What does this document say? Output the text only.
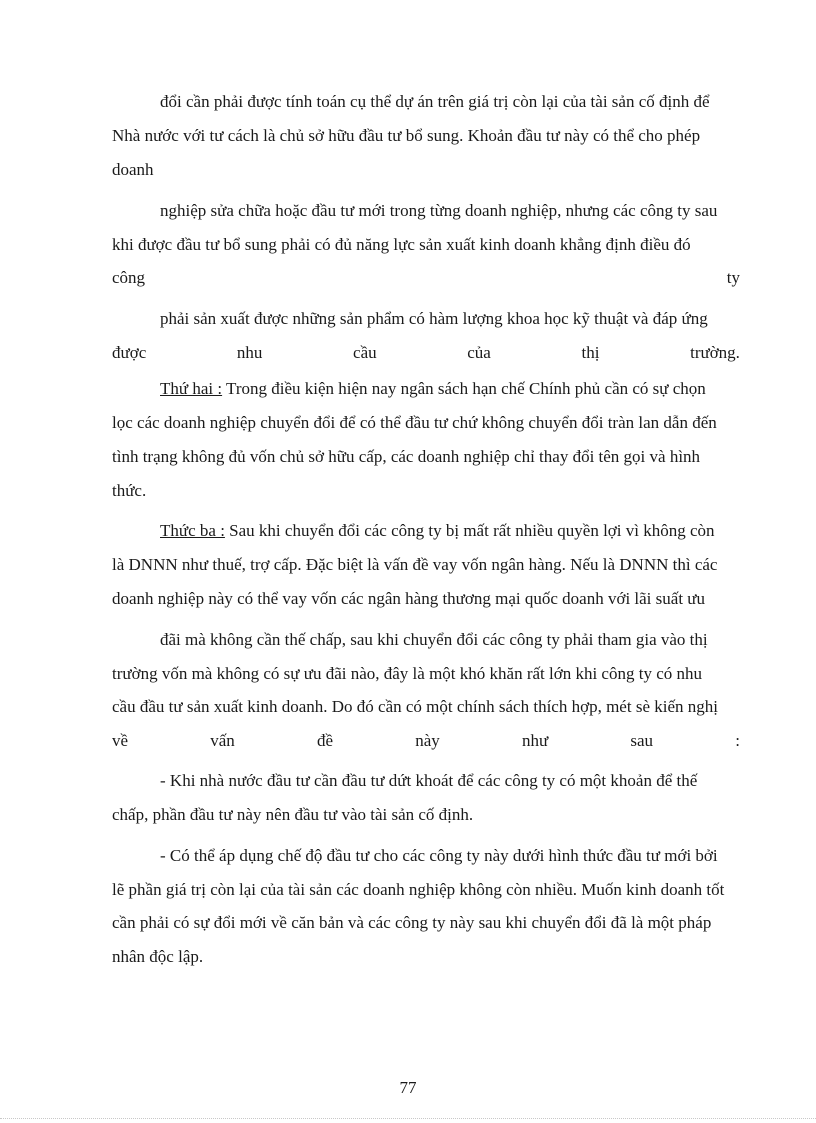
đổi cần phải được tính toán cụ thể dự án trên giá trị còn lại của tài sản cố định để
Nhà nước với tư cách là chủ sở hữu đầu tư bổ sung. Khoản đầu tư này có thể cho phép
doanh
nghiệp sửa chữa hoặc đầu tư mới trong từng doanh nghiệp, nhưng các công ty sau
khi được đầu tư bổ sung phải có đủ năng lực sản xuất kinh doanh khẳng định điều đó
công	ty
phải sản xuất được những sản phẩm có hàm lượng khoa học kỹ thuật và đáp ứng
được	nhu	cầu	của	thị	trường.
Thứ hai : Trong điều kiện hiện nay ngân sách hạn chế Chính phủ cần có sự chọn
lọc các doanh nghiệp chuyển đổi để có thể đầu tư chứ không chuyển đổi tràn lan dẫn đến
tình trạng không đủ vốn chủ sở hữu cấp, các doanh nghiệp chỉ thay đổi tên gọi và hình
thức.
Thức ba : Sau khi chuyển đổi các công ty bị mất rất nhiều quyền lợi vì không còn
là DNNN như thuế, trợ cấp. Đặc biệt là vấn đề vay vốn ngân hàng. Nếu là DNNN thì các
doanh nghiệp này có thể vay vốn các ngân hàng thương mại quốc doanh với lãi suất ưu
đãi mà không cần thế chấp, sau khi chuyển đổi các công ty phải tham gia vào thị
trường vốn mà không có sự ưu đãi nào, đây là một khó khăn rất lớn khi công ty có nhu
cầu đầu tư sản xuất kinh doanh. Do đó cần có một chính sách thích hợp, mét sè kiến nghị
về	vấn	đề	này	như	sau	:
- Khi nhà nước đầu tư cần đầu tư dứt khoát để các công ty có một khoản để thế
chấp, phần đầu tư này nên đầu tư vào tài sản cố định.
- Có thể áp dụng chế độ đầu tư cho các công ty này dưới hình thức đầu tư mới bởi
lẽ phần giá trị còn lại của tài sản các doanh nghiệp không còn nhiều. Muốn kinh doanh tốt
cần phải có sự đổi mới về căn bản và các công ty này sau khi chuyển đổi đã là một pháp
nhân độc lập.
77
